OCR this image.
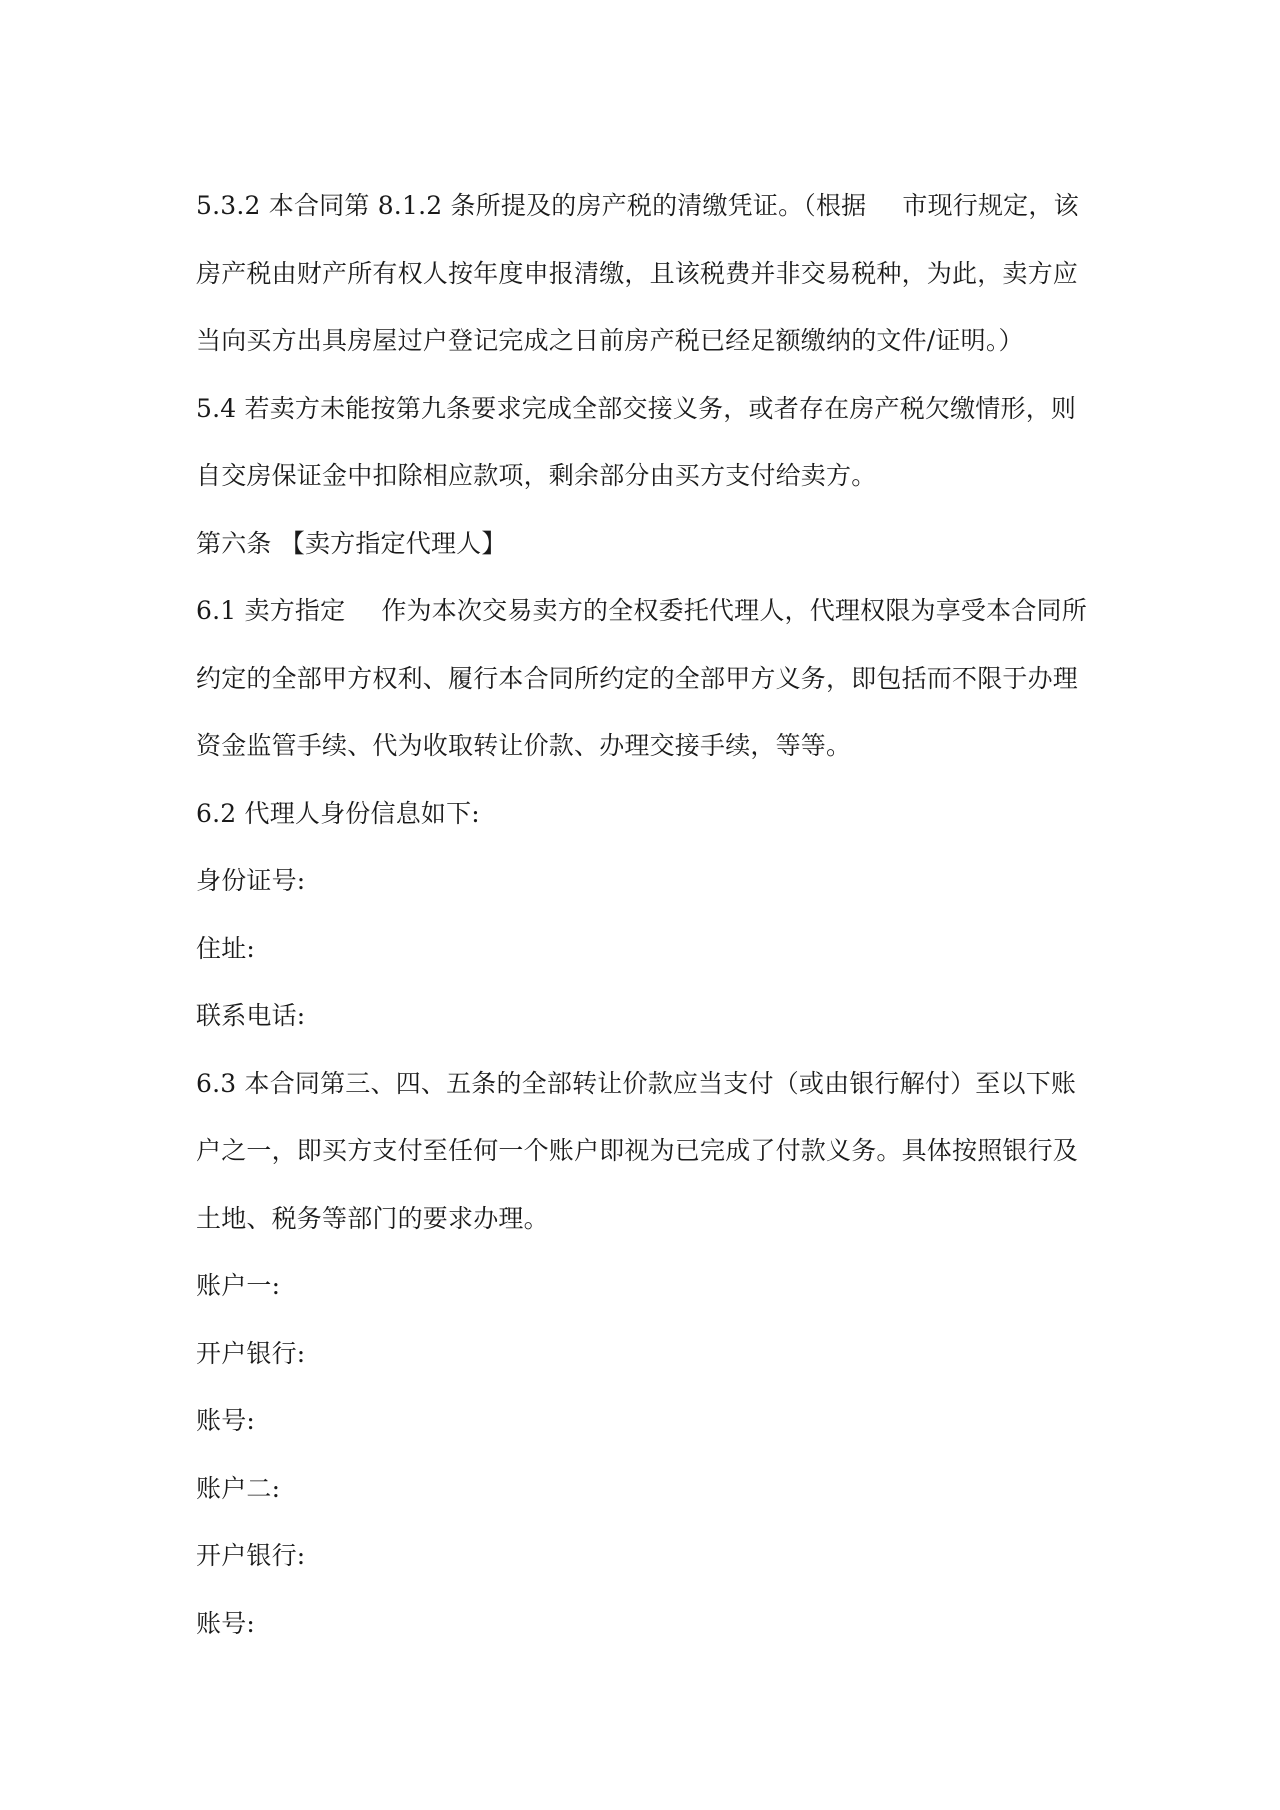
5.3.2 本合同第 8.1.2 条所提及的房产税的清缴凭证。（根据 市现行规定，该
房产税由财产所有权人按年度申报清缴，且该税费并非交易税种，为此，卖方应
当向买方出具房屋过户登记完成之日前房产税已经足额缴纳的文件/证明。）
5.4 若卖方未能按第九条要求完成全部交接义务，或者存在房产税欠缴情形，则
自交房保证金中扣除相应款项，剩余部分由买方支付给卖方。
第六条 【卖方指定代理人】
6.1 卖方指定 作为本次交易卖方的全权委托代理人，代理权限为享受本合同所
约定的全部甲方权利、履行本合同所约定的全部甲方义务，即包括而不限于办理
资金监管手续、代为收取转让价款、办理交接手续，等等。
6.2 代理人身份信息如下:
身份证号:
住址:
联系电话:
6.3 本合同第三、四、五条的全部转让价款应当支付（或由银行解付）至以下账
户之一，即买方支付至任何一个账户即视为已完成了付款义务。具体按照银行及
土地、税务等部门的要求办理。
账户一:
开户银行:
账号:
账户二:
开户银行:
账号:
